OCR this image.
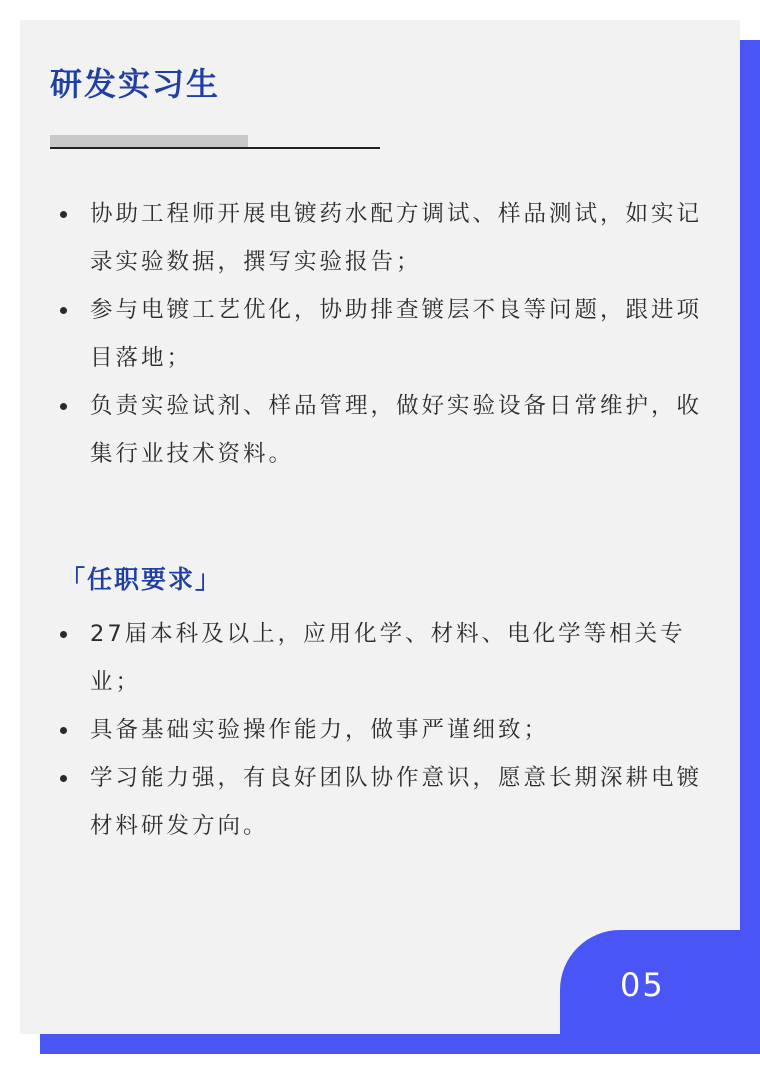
研发实习生
协助工程师开展电镀药水配方调试、样品测试，如实记录实验数据，撰写实验报告；
参与电镀工艺优化，协助排查镀层不良等问题，跟进项目落地；
负责实验试剂、样品管理，做好实验设备日常维护，收集行业技术资料。
「任职要求」
27届本科及以上，应用化学、材料、电化学等相关专业；
具备基础实验操作能力，做事严谨细致；
学习能力强，有良好团队协作意识，愿意长期深耕电镀材料研发方向。
05
